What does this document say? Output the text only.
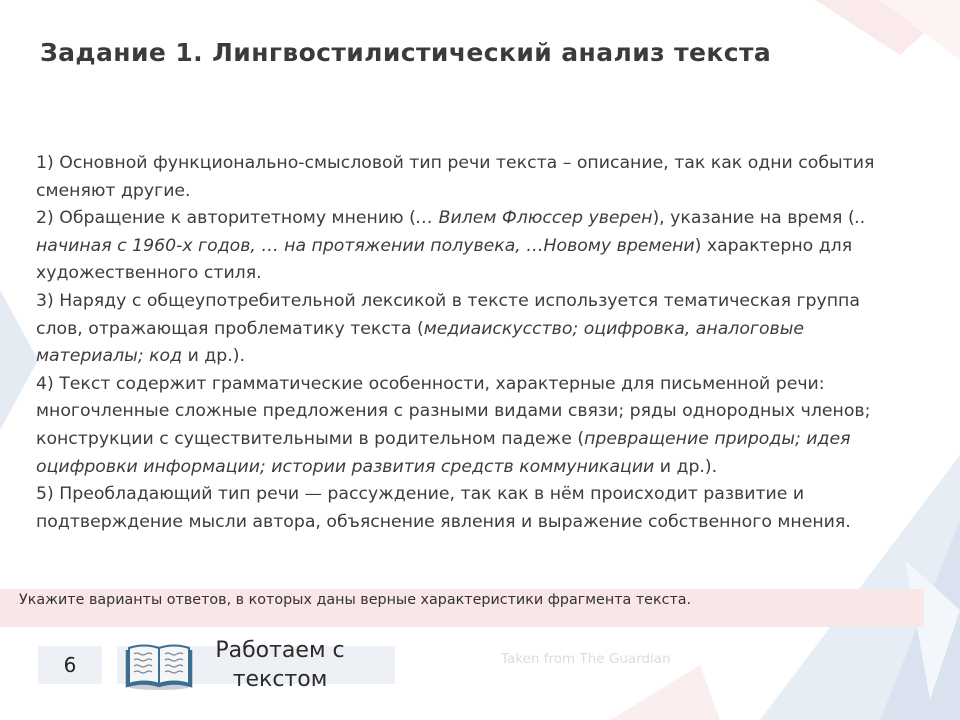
Задание 1. Лингвостилистический анализ текста

1) Основной функционально-смысловой тип речи текста – описание, так как одни события сменяют другие.

2) Обращение к авторитетному мнению (… Вилем Флюссер уверен), указание на время (.. начиная с 1960-х годов, … на протяжении полувека, …Новому времени) характерно для художественного стиля.

3) Наряду с общеупотребительной лексикой в тексте используется тематическая группа слов, отражающая проблематику текста (медиаискусство; оцифровка, аналоговые материалы; код и др.).

4) Текст содержит грамматические особенности, характерные для письменной речи: многочленные сложные предложения с разными видами связи; ряды однородных членов; конструкции с существительными в родительном падеже (превращение природы; идея оцифровки информации; истории развития средств коммуникации и др.).

5) Преобладающий тип речи — рассуждение, так как в нём происходит развитие и подтверждение мысли автора, объяснение явления и выражение собственного мнения.

Укажите варианты ответов, в которых даны верные характеристики фрагмента текста.
6
Работаем с
текстом
Taken from The Guardian
